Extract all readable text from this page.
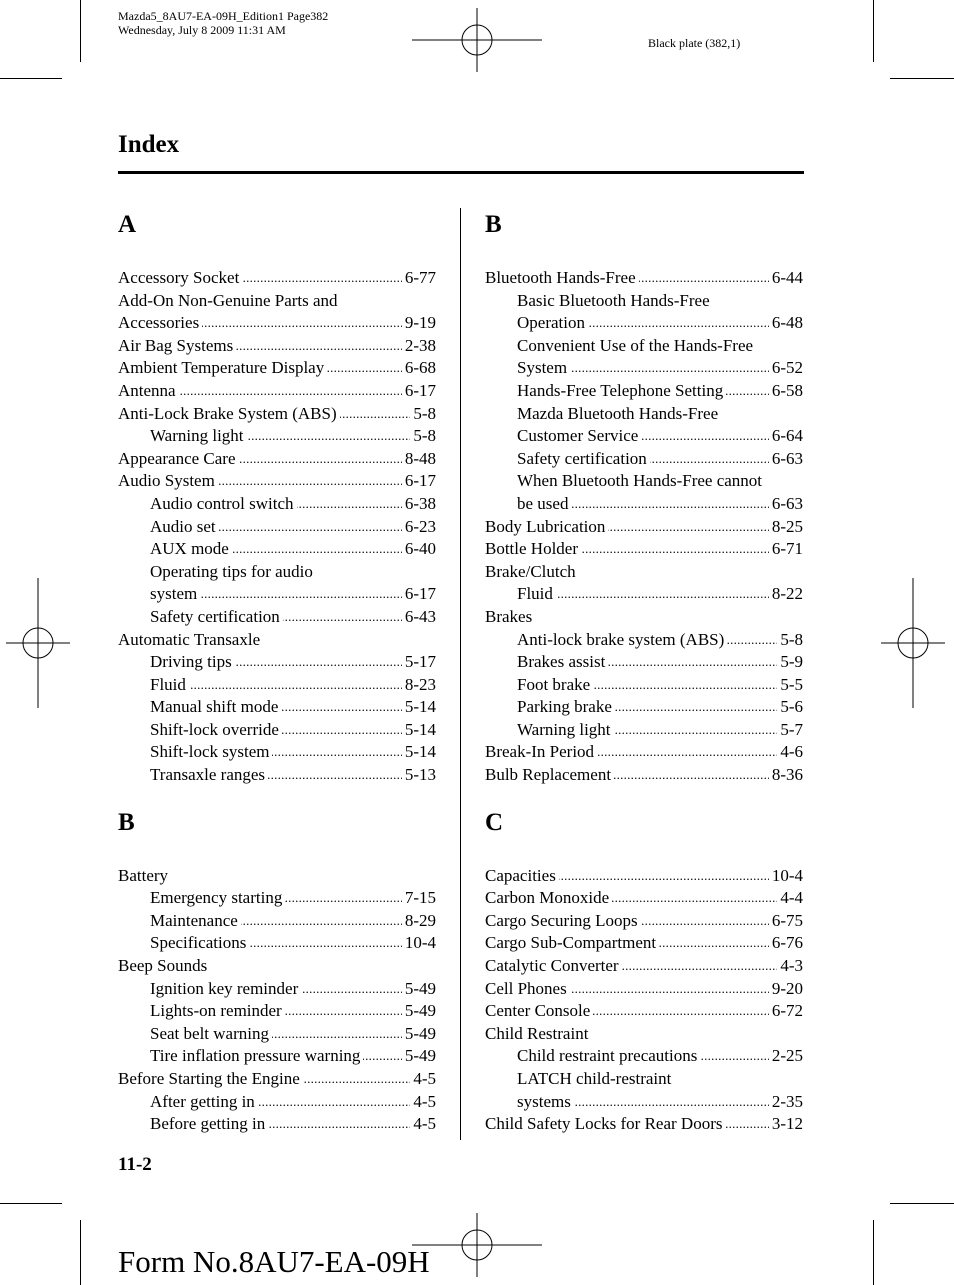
Mazda5_8AU7-EA-09H_Edition1 Page382
Wednesday, July 8 2009 11:31 AM
Black plate (382,1)
Index
A
Accessory Socket . . .	6-77
Add-On Non-Genuine Parts and
Accessories . . .	9-19
Air Bag Systems . . .	2-38
Ambient Temperature Display . . .	6-68
Antenna . . .	6-17
Anti-Lock Brake System (ABS) . . .	5-8
Warning light . . .	5-8
Appearance Care . . .	8-48
Audio System . . .	6-17
Audio control switch . . .	6-38
Audio set . . .	6-23
AUX mode . . .	6-40
Operating tips for audio
system . . .	6-17
Safety certification . . .	6-43
Automatic Transaxle
Driving tips . . .	5-17
Fluid . . .	8-23
Manual shift mode . . .	5-14
Shift-lock override . . .	5-14
Shift-lock system . . .	5-14
Transaxle ranges . . .	5-13
B
Battery
Emergency starting . . .	7-15
Maintenance . . .	8-29
Specifications . . .	10-4
Beep Sounds
Ignition key reminder . . .	5-49
Lights-on reminder . . .	5-49
Seat belt warning . . .	5-49
Tire inflation pressure warning . . .	5-49
Before Starting the Engine . . .	4-5
After getting in . . .	4-5
Before getting in . . .	4-5
B
Bluetooth Hands-Free . . .	6-44
Basic Bluetooth Hands-Free
Operation . . .	6-48
Convenient Use of the Hands-Free
System . . .	6-52
Hands-Free Telephone Setting . . .	6-58
Mazda Bluetooth Hands-Free
Customer Service . . .	6-64
Safety certification . . .	6-63
When Bluetooth Hands-Free cannot
be used . . .	6-63
Body Lubrication . . .	8-25
Bottle Holder . . .	6-71
Brake/Clutch
Fluid . . .	8-22
Brakes
Anti-lock brake system (ABS) . . .	5-8
Brakes assist . . .	5-9
Foot brake . . .	5-5
Parking brake . . .	5-6
Warning light . . .	5-7
Break-In Period . . .	4-6
Bulb Replacement . . .	8-36
C
Capacities . . .	10-4
Carbon Monoxide . . .	4-4
Cargo Securing Loops . . .	6-75
Cargo Sub-Compartment . . .	6-76
Catalytic Converter . . .	4-3
Cell Phones . . .	9-20
Center Console . . .	6-72
Child Restraint
Child restraint precautions . . .	2-25
LATCH child-restraint
systems . . .	2-35
Child Safety Locks for Rear Doors . . .	3-12
11-2
Form No.8AU7-EA-09H
